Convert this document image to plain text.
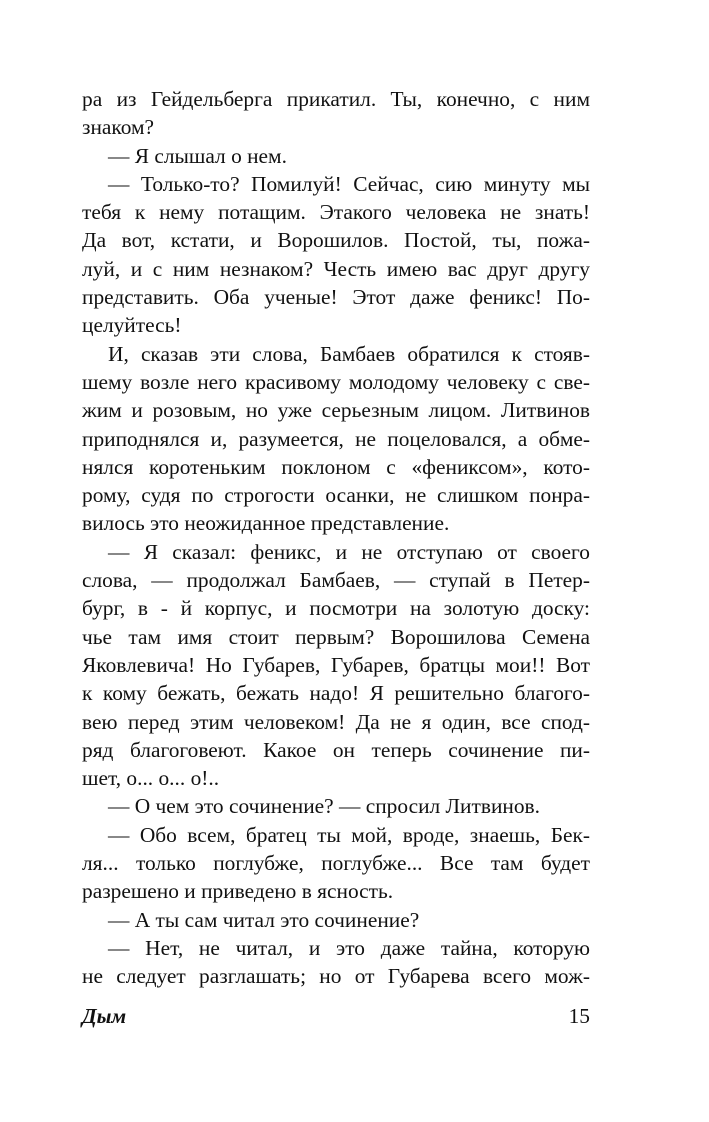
ра из Гейдельберга прикатил. Ты, конечно, с ним
знаком?
— Я слышал о нем.
— Только-то? Помилуй! Сейчас, сию минуту мы
тебя к нему потащим. Этакого человека не знать!
Да вот, кстати, и Ворошилов. Постой, ты, пожа-
луй, и с ним незнаком? Честь имею вас друг другу
представить. Оба ученые! Этот даже феникс! По-
целуйтесь!
И, сказав эти слова, Бамбаев обратился к стояв-
шему возле него красивому молодому человеку с све-
жим и розовым, но уже серьезным лицом. Литвинов
приподнялся и, разумеется, не поцеловался, а обме-
нялся коротеньким поклоном с «фениксом», кото-
рому, судя по строгости осанки, не слишком понра-
вилось это неожиданное представление.
— Я сказал: феникс, и не отступаю от своего
слова, — продолжал Бамбаев, — ступай в Петер-
бург, в - й корпус, и посмотри на золотую доску:
чье там имя стоит первым? Ворошилова Семена
Яковлевича! Но Губарев, Губарев, братцы мои!! Вот
к кому бежать, бежать надо! Я решительно благого-
вею перед этим человеком! Да не я один, все спод-
ряд благоговеют. Какое он теперь сочинение пи-
шет, о... о... о!..
— О чем это сочинение? — спросил Литвинов.
— Обо всем, братец ты мой, вроде, знаешь, Бек-
ля... только поглубже, поглубже... Все там будет
разрешено и приведено в ясность.
— А ты сам читал это сочинение?
— Нет, не читал, и это даже тайна, которую
не следует разглашать; но от Губарева всего мож-
Дым	15
